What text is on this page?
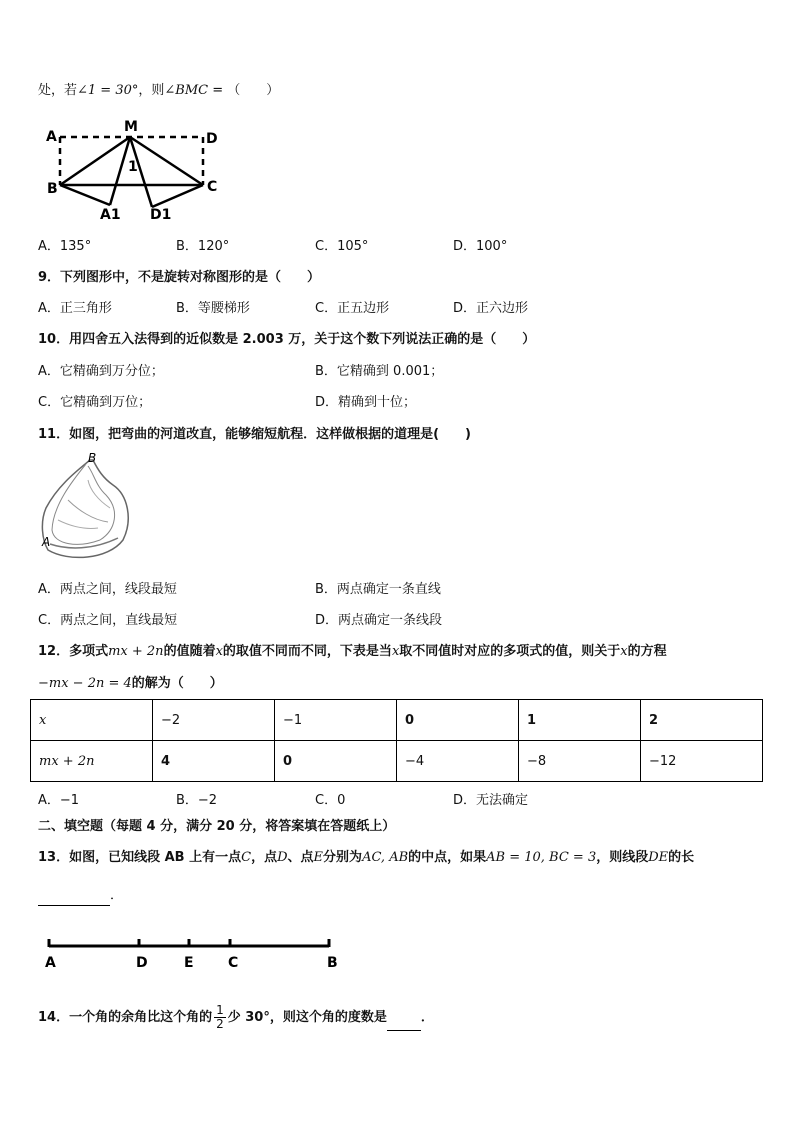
处，若∠1 = 30°，则∠BMC = （　　）
A
M
D
B	C
1
A1 D1
A．135°	B．120°	C．105°	D．100°
9．下列图形中，不是旋转对称图形的是（　　）
A．正三角形	B．等腰梯形	C．正五边形	D．正六边形
10．用四舍五入法得到的近似数是 2.003 万，关于这个数下列说法正确的是（　　）
A．它精确到万分位；	B．它精确到 0.001；
C．它精确到万位；	D．精确到十位；
11．如图，把弯曲的河道改直，能够缩短航程．这样做根据的道理是(　　)
B
A
A．两点之间，线段最短	B．两点确定一条直线
C．两点之间，直线最短	D．两点确定一条线段
12．多项式mx + 2n的值随着x的取值不同而不同，下表是当x取不同值时对应的多项式的值，则关于x的方程
−mx − 2n = 4的解为（　　）
x	−2	−1	0	1	2
mx + 2n	4	0	−4	−8	−12
A．−1	B．−2	C．0	D．无法确定
二、填空题（每题 4 分，满分 20 分，将答案填在答题纸上）
13．如图，已知线段 AB 上有一点C，点D、点E分别为AC, AB的中点，如果AB = 10, BC = 3，则线段DE的长
．
A	D	E C	B
14．一个角的余角比这个角的 $\frac{1}{2}$ 少 30°，则这个角的度数是	．
